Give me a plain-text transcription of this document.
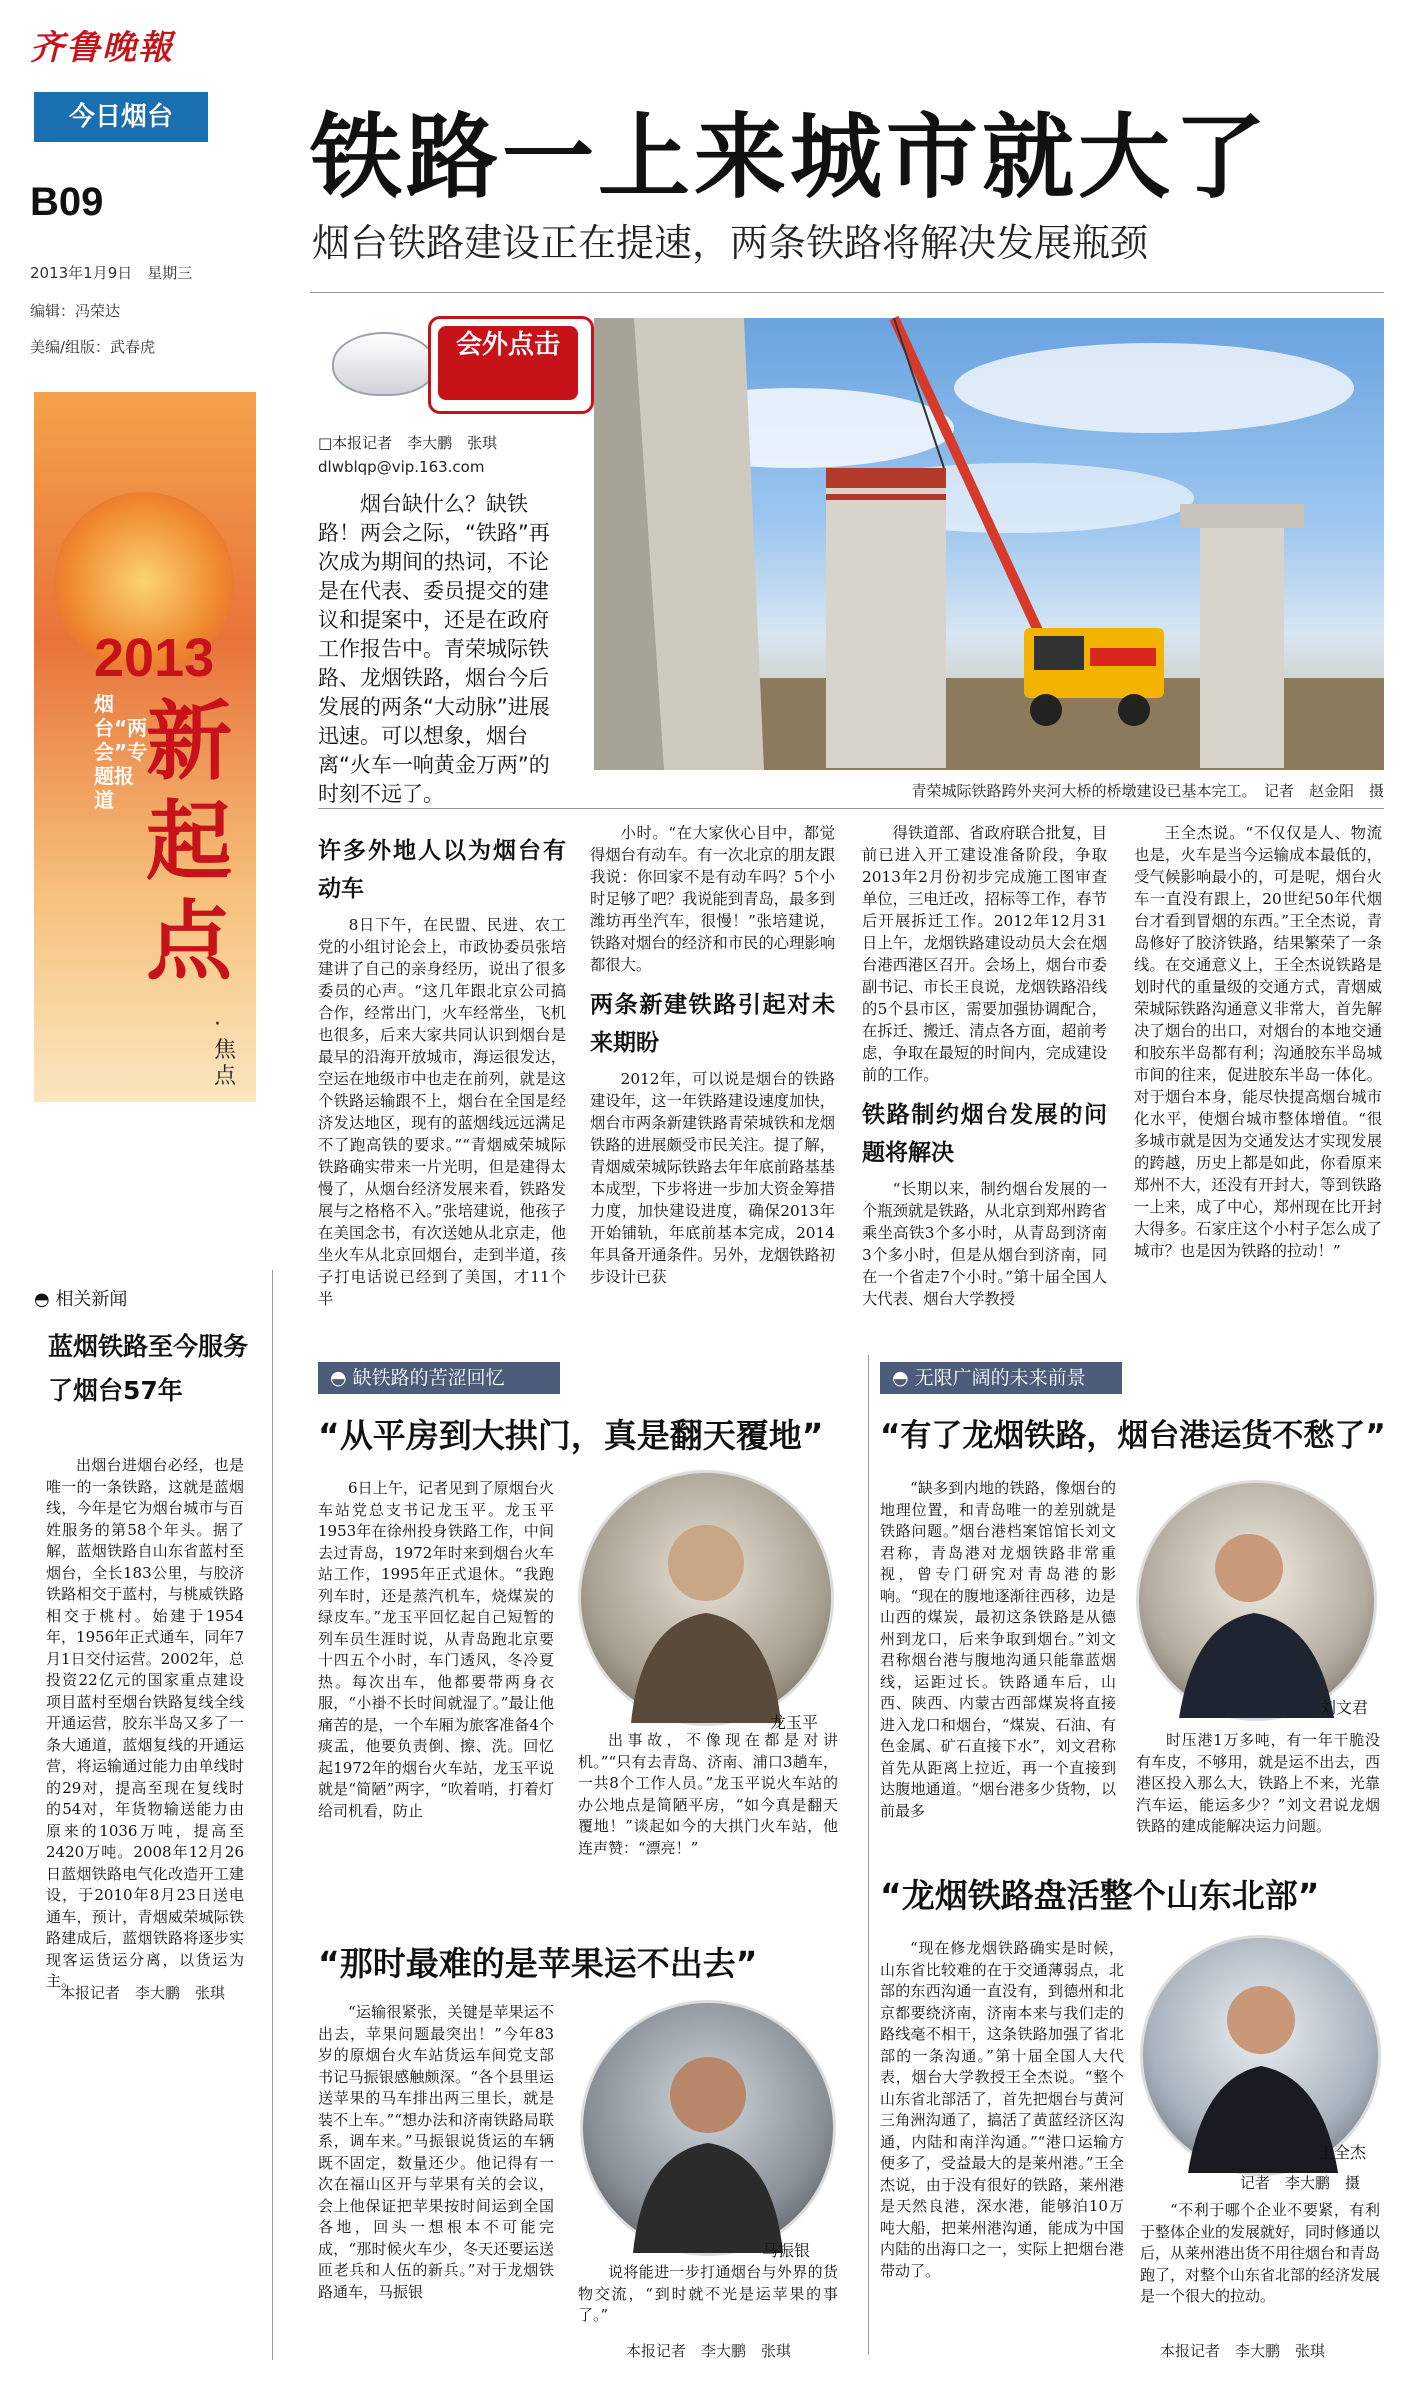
齐鲁晚報
今日烟台
B09
2013年1月9日　星期三
编辑：冯荣达
美编/组版：武春虎
2013
烟台“两会”专题报道
新起点
·焦点
铁路一上来城市就大了
烟台铁路建设正在提速，两条铁路将解决发展瓶颈
会外点击
□本报记者　李大鹏　张琪
dlwblqp@vip.163.com
烟台缺什么？缺铁路！两会之际，“铁路”再次成为期间的热词，不论是在代表、委员提交的建议和提案中，还是在政府工作报告中。青荣城际铁路、龙烟铁路，烟台今后发展的两条“大动脉”进展迅速。可以想象，烟台离“火车一响黄金万两”的时刻不远了。	青荣城际铁路跨外夹河大桥的桥墩建设已基本完工。　记者　赵金阳　摄
许多外地人以为烟台有动车

8日下午，在民盟、民进、农工党的小组讨论会上，市政协委员张培建讲了自己的亲身经历，说出了很多委员的心声。“这几年跟北京公司搞合作，经常出门，火车经常坐，飞机也很多，后来大家共同认识到烟台是最早的沿海开放城市，海运很发达，空运在地级市中也走在前列，就是这个铁路运输跟不上，烟台在全国是经济发达地区，现有的蓝烟线远远满足不了跑高铁的要求。”“青烟威荣城际铁路确实带来一片光明，但是建得太慢了，从烟台经济发展来看，铁路发展与之格格不入。”张培建说，他孩子在美国念书，有次送她从北京走，他坐火车从北京回烟台，走到半道，孩子打电话说已经到了美国，才11个半

小时。“在大家伙心目中，都觉得烟台有动车。有一次北京的朋友跟我说：你回家不是有动车吗？5个小时足够了吧？我说能到青岛，最多到潍坊再坐汽车，很慢！”张培建说，铁路对烟台的经济和市民的心理影响都很大。

两条新建铁路引起对未来期盼

2012年，可以说是烟台的铁路建设年，这一年铁路建设速度加快，烟台市两条新建铁路青荣城铁和龙烟铁路的进展颇受市民关注。提了解，青烟威荣城际铁路去年年底前路基基本成型，下步将进一步加大资金筹措力度，加快建设进度，确保2013年开始铺轨，年底前基本完成，2014年具备开通条件。另外，龙烟铁路初步设计已获

得铁道部、省政府联合批复，目前已进入开工建设准备阶段，争取2013年2月份初步完成施工图审查单位，三电迁改，招标等工作，春节后开展拆迁工作。2012年12月31日上午，龙烟铁路建设动员大会在烟台港西港区召开。会场上，烟台市委副书记、市长王良说，龙烟铁路沿线的5个县市区，需要加强协调配合，在拆迁、搬迁、清点各方面，超前考虑，争取在最短的时间内，完成建设前的工作。

铁路制约烟台发展的问题将解决

“长期以来，制约烟台发展的一个瓶颈就是铁路，从北京到郑州跨省乘坐高铁3个多小时，从青岛到济南3个多小时，但是从烟台到济南，同在一个省走7个小时。”第十届全国人大代表、烟台大学教授

王全杰说。“不仅仅是人、物流也是，火车是当今运输成本最低的，受气候影响最小的，可是呢，烟台火车一直没有跟上，20世纪50年代烟台才看到冒烟的东西。”王全杰说，青岛修好了胶济铁路，结果繁荣了一条线。在交通意义上，王全杰说铁路是划时代的重量级的交通方式，青烟威荣城际铁路沟通意义非常大，首先解决了烟台的出口，对烟台的本地交通和胶东半岛都有利；沟通胶东半岛城市间的往来，促进胶东半岛一体化。对于烟台本身，能尽快提高烟台城市化水平，使烟台城市整体增值。“很多城市就是因为交通发达才实现发展的跨越，历史上都是如此，你看原来郑州不大，还没有开封大，等到铁路一上来，成了中心，郑州现在比开封大得多。石家庄这个小村子怎么成了城市？也是因为铁路的拉动！”

◓ 相关新闻
蓝烟铁路至今服务了烟台57年

出烟台进烟台必经，也是唯一的一条铁路，这就是蓝烟线，今年是它为烟台城市与百姓服务的第58个年头。据了解，蓝烟铁路自山东省蓝村至烟台，全长183公里，与胶济铁路相交于蓝村，与桃威铁路相交于桃村。始建于1954年，1956年正式通车，同年7月1日交付运营。2002年，总投资22亿元的国家重点建设项目蓝村至烟台铁路复线全线开通运营，胶东半岛又多了一条大通道，蓝烟复线的开通运营，将运输通过能力由单线时的29对，提高至现在复线时的54对，年货物输送能力由原来的1036万吨，提高至2420万吨。2008年12月26日蓝烟铁路电气化改造开工建设，于2010年8月23日送电通车，预计，青烟威荣城际铁路建成后，蓝烟铁路将逐步实现客运货运分离，以货运为主。

本报记者　李大鹏　张琪
◓ 缺铁路的苦涩回忆
“从平房到大拱门，真是翻天覆地”

6日上午，记者见到了原烟台火车站党总支书记龙玉平。龙玉平1953年在徐州投身铁路工作，中间去过青岛，1972年时来到烟台火车站工作，1995年正式退休。“我跑列车时，还是蒸汽机车，烧煤炭的绿皮车。”龙玉平回忆起自己短暂的列车员生涯时说，从青岛跑北京要十四五个小时，车门透风，冬冷夏热。每次出车，他都要带两身衣服，“小褂不长时间就湿了。”最让他痛苦的是，一个车厢为旅客准备4个痰盂，他要负责倒、擦、洗。回忆起1972年的烟台火车站，龙玉平说就是“简陋”两字，“吹着哨，打着灯给司机看，防止

龙玉平

出事故，不像现在都是对讲机。”“只有去青岛、济南、浦口3趟车，一共8个工作人员。”龙玉平说火车站的办公地点是简陋平房，“如今真是翻天覆地！”谈起如今的大拱门火车站，他连声赞：“漂亮！”

“那时最难的是苹果运不出去”

“运输很紧张，关键是苹果运不出去，苹果问题最突出！”今年83岁的原烟台火车站货运车间党支部书记马振银感触颇深。“各个县里运送苹果的马车排出两三里长，就是装不上车。”“想办法和济南铁路局联系，调车来。”马振银说货运的车辆既不固定，数量还少。他记得有一次在福山区开与苹果有关的会议，会上他保证把苹果按时间运到全国各地，回头一想根本不可能完成，“那时候火车少，冬天还要运送匝老兵和人伍的新兵。”对于龙烟铁路通车，马振银

马振银

说将能进一步打通烟台与外界的货物交流，“到时就不光是运苹果的事了。”

本报记者　李大鹏　张琪
◓ 无限广阔的未来前景
“有了龙烟铁路，烟台港运货不愁了”

“缺多到内地的铁路，像烟台的地理位置，和青岛唯一的差别就是铁路问题。”烟台港档案馆馆长刘文君称，青岛港对龙烟铁路非常重视，曾专门研究对青岛港的影响。“现在的腹地逐渐往西移，边是山西的煤炭，最初这条铁路是从德州到龙口，后来争取到烟台。”刘文君称烟台港与腹地沟通只能靠蓝烟线，运距过长。铁路通车后，山西、陕西、内蒙古西部煤炭将直接进入龙口和烟台，“煤炭、石油、有色金属、矿石直接下水”，刘文君称首先从距离上拉近，再一个直接到达腹地通道。“烟台港多少货物，以前最多

刘文君

时压港1万多吨，有一年干脆没有车皮，不够用，就是运不出去，西港区投入那么大，铁路上不来，光靠汽车运，能运多少？”刘文君说龙烟铁路的建成能解决运力问题。

“龙烟铁路盘活整个山东北部”

“现在修龙烟铁路确实是时候，山东省比较难的在于交通薄弱点，北部的东西沟通一直没有，到德州和北京都要绕济南，济南本来与我们走的路线毫不相干，这条铁路加强了省北部的一条沟通。”第十届全国人大代表，烟台大学教授王全杰说。“整个山东省北部活了，首先把烟台与黄河三角洲沟通了，搞活了黄蓝经济区沟通，内陆和南洋沟通。”“港口运输方便多了，受益最大的是莱州港。”王全杰说，由于没有很好的铁路，莱州港是天然良港，深水港，能够泊10万吨大船，把莱州港沟通，能成为中国内陆的出海口之一，实际上把烟台港带动了。

王全杰
记者　李大鹏　摄

“不利于哪个企业不要紧，有利于整体企业的发展就好，同时修通以后，从莱州港出货不用往烟台和青岛跑了，对整个山东省北部的经济发展是一个很大的拉动。

本报记者　李大鹏　张琪
